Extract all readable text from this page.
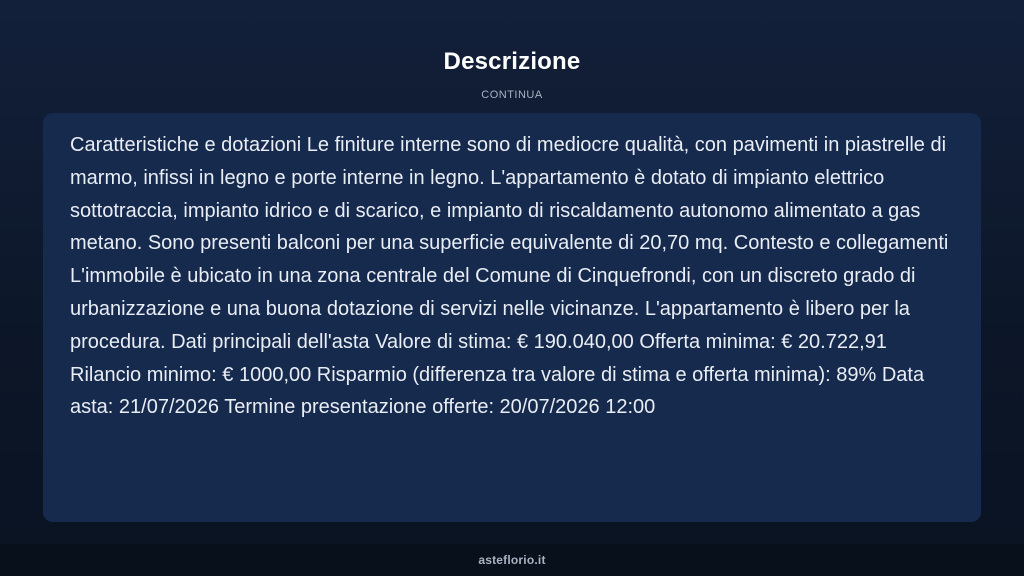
Descrizione
CONTINUA

Caratteristiche e dotazioni Le finiture interne sono di mediocre qualità, con pavimenti in piastrelle di marmo, infissi in legno e porte interne in legno. L'appartamento è dotato di impianto elettrico sottotraccia, impianto idrico e di scarico, e impianto di riscaldamento autonomo alimentato a gas metano. Sono presenti balconi per una superficie equivalente di 20,70 mq. Contesto e collegamenti L'immobile è ubicato in una zona centrale del Comune di Cinquefrondi, con un discreto grado di urbanizzazione e una buona dotazione di servizi nelle vicinanze. L'appartamento è libero per la procedura. Dati principali dell'asta Valore di stima: € 190.040,00 Offerta minima: € 20.722,91 Rilancio minimo: € 1000,00 Risparmio (differenza tra valore di stima e offerta minima): 89% Data asta: 21/07/2026 Termine presentazione offerte: 20/07/2026 12:00

asteflorio.it
